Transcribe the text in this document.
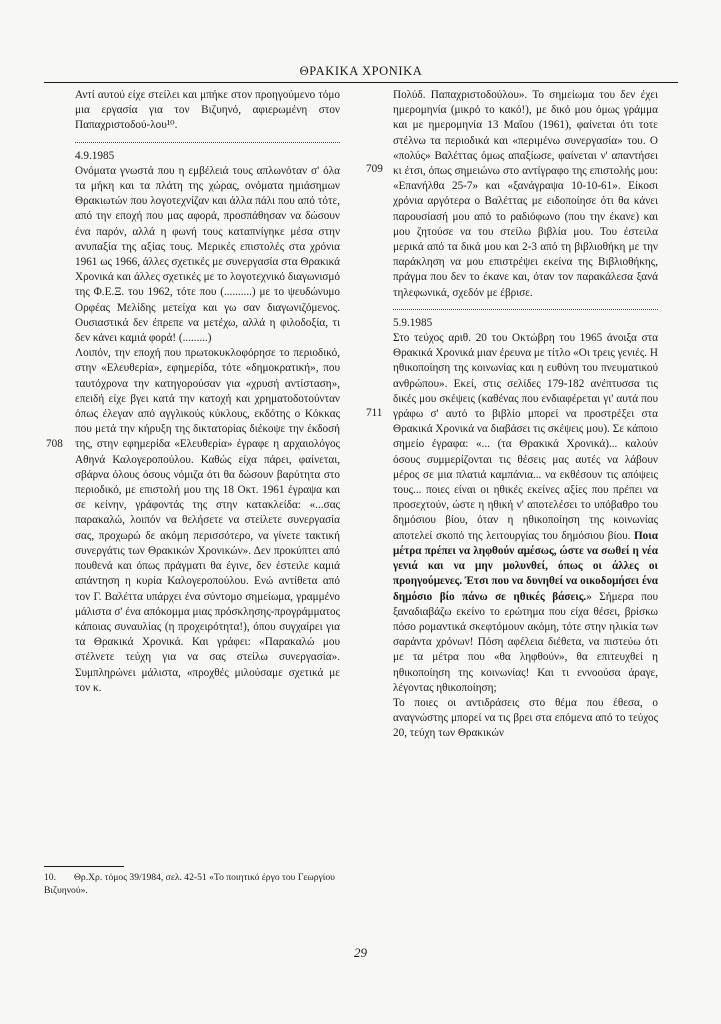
ΘΡΑΚΙΚΑ ΧΡΟΝΙΚΑ

Αντί αυτού είχε στείλει και μπήκε στον προηγούμενο τόμο μια εργασία για τον Βιζυηνό, αφιερωμένη στον Παπαχριστοδού-λου¹⁰.

4.9.1985

Ονόματα γνωστά που η εμβέλειά τους απλωνόταν σ' όλα τα μήκη και τα πλάτη της χώρας, ονόματα ημιάσημων Θρακιωτών που λογοτεχνίζαν και άλλα πάλι που από τότε, από την εποχή που μας αφορά, προσπάθησαν να δώσουν ένα παρόν, αλλά η φωνή τους καταπνίγηκε μέσα στην ανυπαξία της αξίας τους. Μερικές επιστολές στα χρόνια 1961 ως 1966, άλλες σχετικές με συνεργασία στα Θρακικά Χρονικά και άλλες σχετικές με το λογοτεχνικό διαγωνισμό της Φ.Ε.Ξ. του 1962, τότε που (..........) με το ψευδώνυμο Ορφέας Μελίδης μετείχα και γω σαν διαγωνιζόμενος. Ουσιαστικά δεν έπρεπε να μετέχω, αλλά η φιλοδοξία, τι δεν κάνει καμιά φορά! (.........)

Λοιπόν, την εποχή που πρωτοκυκλοφόρησε το περιοδικό, στην «Ελευθερία», εφημερίδα, τότε «δημοκρατική», που ταυτόχρονα την κατηγορούσαν για «χρυσή αντίσταση», επειδή είχε βγει κατά την κατοχή και χρηματοδοτούνταν όπως έλεγαν από αγγλικούς κύκλους, εκδότης ο Κόκκας που μετά την κήρυξη της δικτατορίας διέκοψε την έκδοσή της, στην εφημερίδα «Ελευθερία» έγραφε η αρχαιολόγος Αθηνά Καλογεροπούλου. Καθώς είχα πάρει, φαίνεται, σβάρνα όλους όσους νόμιζα ότι θα δώσουν βαρύτητα στο περιοδικό, με επιστολή μου της 18 Οκτ. 1961 έγραψα και σε κείνην, γράφοντάς της στην κατακλείδα: «...σας παρακαλώ, λοιπόν να θελήσετε να στείλετε συνεργασία σας, προχωρώ δε ακόμη περισσότερο, να γίνετε τακτική συνεργάτις των Θρακικών Χρονικών». Δεν προκύπτει από πουθενά και όπως πράγματι θα έγινε, δεν έστειλε καμιά απάντηση η κυρία Καλογεροπούλου. Ενώ αντίθετα από τον Γ. Βαλέττα υπάρχει ένα σύντομο σημείωμα, γραμμένο μάλιστα σ' ένα απόκομμα μιας πρόσκλησης-προγράμματος κάποιας συναυλίας (η προχειρότητα!), όπου συγχαίρει για τα Θρακικά Χρονικά. Και γράφει: «Παρακαλώ μου στέλνετε τεύχη για να σας στείλω συνεργασία». Συμπληρώνει μάλιστα, «προχθές μιλούσαμε σχετικά με τον κ.

708

Πολύδ. Παπαχριστοδούλου». Το σημείωμα του δεν έχει ημερομηνία (μικρό το κακό!), με δικό μου όμως γράμμα και με ημερομηνία 13 Μαΐου (1961), φαίνεται ότι τοτε στέλνω τα περιοδικά και «περιμένω συνεργασία» του. Ο «πολύς» Βαλέττας όμως απαξίωσε, φαίνεται ν' απαντήσει κι έτσι, όπως σημειώνω στο αντίγραφο της επιστολής μου: «Επανήλθα 25-7» και «ξανάγραψα 10-10-61». Είκοσι χρόνια αργότερα ο Βαλέττας με ειδοποίησε ότι θα κάνει παρουσίασή μου από το ραδιόφωνο (που την έκανε) και μου ζητούσε να του στείλω βιβλία μου. Του έστειλα μερικά από τα δικά μου και 2-3 από τη βιβλιοθήκη με την παράκληση να μου επιστρέψει εκείνα της Βιβλιοθήκης, πράγμα που δεν το έκανε και, όταν τον παρακάλεσα ξανά τηλεφωνικά, σχεδόν με έβρισε.

5.9.1985

Στο τεύχος αριθ. 20 του Οκτώβρη του 1965 άνοιξα στα Θρακικά Χρονικά μιαν έρευνα με τίτλο «Οι τρεις γενιές. Η ηθικοποίηση της κοινωνίας και η ευθύνη του πνευματικού ανθρώπου». Εκεί, στις σελίδες 179-182 ανέπτυσσα τις δικές μου σκέψεις (καθένας που ενδιαφέρεται γι' αυτά που γράφω σ' αυτό το βιβλίο μπορεί να προστρέξει στα Θρακικά Χρονικά να διαβάσει τις σκέψεις μου). Σε κάποιο σημείο έγραφα: «... (τα Θρακικά Χρονικά)... καλούν όσους συμμερίζονται τις θέσεις μας αυτές να λάβουν μέρος σε μια πλατιά καμπάνια... να εκθέσουν τις απόψεις τους... ποιες είναι οι ηθικές εκείνες αξίες που πρέπει να προσεχτούν, ώστε η ηθική ν' αποτελέσει το υπόβαθρο του δημόσιου βίου, όταν η ηθικοποίηση της κοινωνίας αποτελεί σκοπό της λειτουργίας του δημόσιου βίου. Ποια μέτρα πρέπει να ληφθούν αμέσως, ώστε να σωθεί η νέα γενιά και να μην μολυνθεί, όπως οι άλλες οι προηγούμενες. Έτσι που να δυνηθεί να οικοδομήσει ένα δημόσιο βίο πάνω σε ηθικές βάσεις.» Σήμερα που ξαναδιαβάζω εκείνο το ερώτημα που είχα θέσει, βρίσκω πόσο ρομαντικά σκεφτόμουν ακόμη, τότε στην ηλικία των σαράντα χρόνων! Πόση αφέλεια διέθετα, να πιστεύω ότι με τα μέτρα που «θα ληφθούν», θα επιτευχθεί η ηθικοποίηση της κοινωνίας! Και τι εννοούσα άραγε, λέγοντας ηθικοποίηση;

Το ποιες οι αντιδράσεις στο θέμα που έθεσα, ο αναγνώστης μπορεί να τις βρει στα επόμενα από το τεύχος 20, τεύχη των Θρακικών

709
711
10. Θρ.Χρ. τόμος 39/1984, σελ. 42-51 «Το ποιητικό έργο του Γεωργίου Βιζυηνού».
29
